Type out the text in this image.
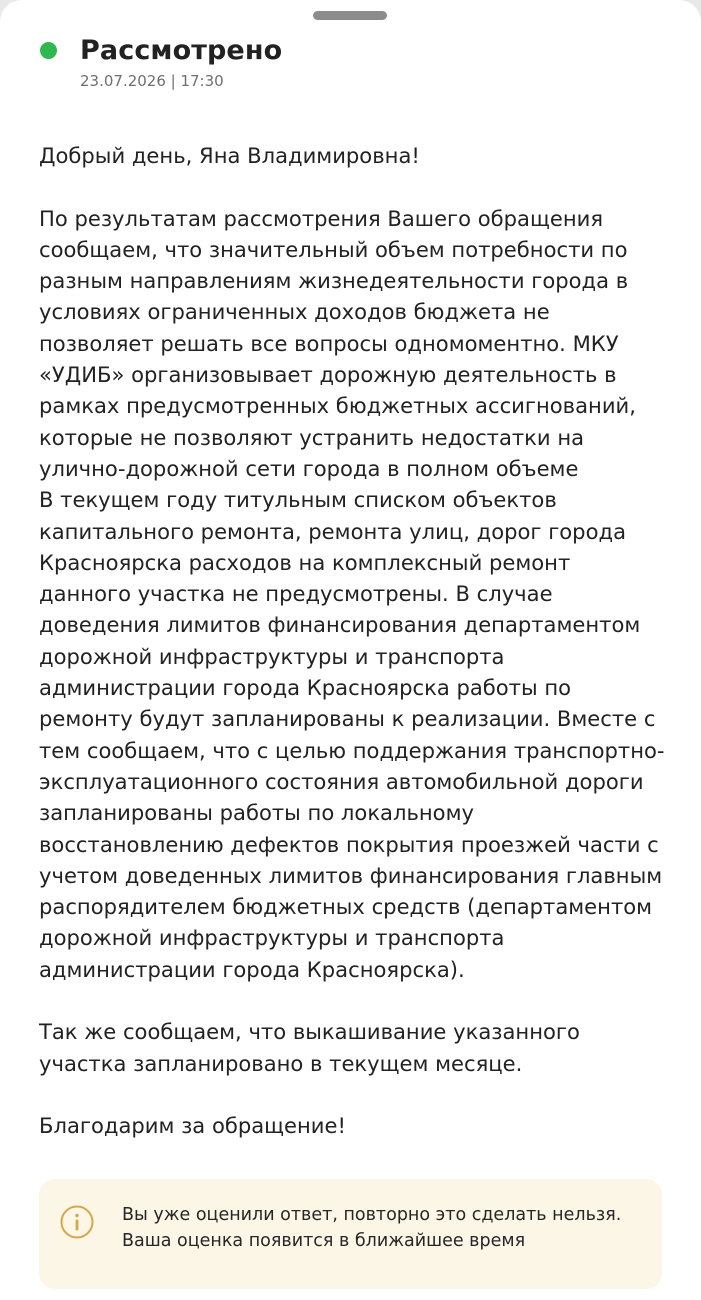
Рассмотрено
23.07.2026 | 17:30

Добрый день, Яна Владимировна!

По результатам рассмотрения Вашего обращения

сообщаем, что значительный объем потребности по

разным направлениям жизнедеятельности города в

условиях ограниченных доходов бюджета не

позволяет решать все вопросы одномоментно. МКУ

«УДИБ» организовывает дорожную деятельность в

рамках предусмотренных бюджетных ассигнований,

которые не позволяют устранить недостатки на

улично-дорожной сети города в полном объеме

В текущем году титульным списком объектов

капитального ремонта, ремонта улиц, дорог города

Красноярска расходов на комплексный ремонт

данного участка не предусмотрены. В случае

доведения лимитов финансирования департаментом

дорожной инфраструктуры и транспорта

администрации города Красноярска работы по

ремонту будут запланированы к реализации. Вместе с

тем сообщаем, что с целью поддержания транспортно-

эксплуатационного состояния автомобильной дороги

запланированы работы по локальному

восстановлению дефектов покрытия проезжей части с

учетом доведенных лимитов финансирования главным

распорядителем бюджетных средств (департаментом

дорожной инфраструктуры и транспорта

администрации города Красноярска).

Так же сообщаем, что выкашивание указанного

участка запланировано в текущем месяце.

Благодарим за обращение!

Вы уже оценили ответ, повторно это сделать нельзя.
Ваша оценка появится в ближайшее время
